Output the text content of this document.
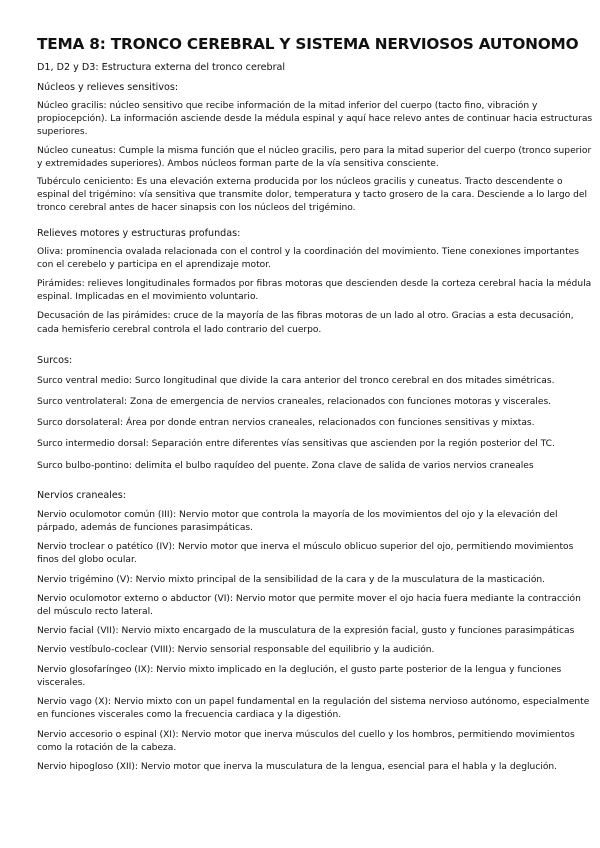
TEMA 8: TRONCO CEREBRAL Y SISTEMA NERVIOSOS AUTONOMO
D1, D2 y D3: Estructura externa del tronco cerebral
Núcleos y relieves sensitivos:
Núcleo gracilis: núcleo sensitivo que recibe información de la mitad inferior del cuerpo (tacto fino, vibración y propiocepción). La información asciende desde la médula espinal y aquí hace relevo antes de continuar hacia estructuras superiores.
Núcleo cuneatus: Cumple la misma función que el núcleo gracilis, pero para la mitad superior del cuerpo (tronco superior y extremidades superiores). Ambos núcleos forman parte de la vía sensitiva consciente.
Tubérculo ceniciento: Es una elevación externa producida por los núcleos gracilis y cuneatus. Tracto descendente o espinal del trigémino: vía sensitiva que transmite dolor, temperatura y tacto grosero de la cara. Desciende a lo largo del tronco cerebral antes de hacer sinapsis con los núcleos del trigémino.
Relieves motores y estructuras profundas:
Oliva: prominencia ovalada relacionada con el control y la coordinación del movimiento. Tiene conexiones importantes con el cerebelo y participa en el aprendizaje motor.
Pirámides: relieves longitudinales formados por fibras motoras que descienden desde la corteza cerebral hacia la médula espinal. Implicadas en el movimiento voluntario.
Decusación de las pirámides: cruce de la mayoría de las fibras motoras de un lado al otro. Gracias a esta decusación, cada hemisferio cerebral controla el lado contrario del cuerpo.
Surcos:
Surco ventral medio: Surco longitudinal que divide la cara anterior del tronco cerebral en dos mitades simétricas.
Surco ventrolateral: Zona de emergencia de nervios craneales, relacionados con funciones motoras y viscerales.
Surco dorsolateral: Área por donde entran nervios craneales, relacionados con funciones sensitivas y mixtas.
Surco intermedio dorsal: Separación entre diferentes vías sensitivas que ascienden por la región posterior del TC.
Surco bulbo-pontino: delimita el bulbo raquídeo del puente. Zona clave de salida de varios nervios craneales
Nervios craneales:
Nervio oculomotor común (III): Nervio motor que controla la mayoría de los movimientos del ojo y la elevación del párpado, además de funciones parasimpáticas.
Nervio troclear o patético (IV): Nervio motor que inerva el músculo oblicuo superior del ojo, permitiendo movimientos finos del globo ocular.
Nervio trigémino (V): Nervio mixto principal de la sensibilidad de la cara y de la musculatura de la masticación.
Nervio oculomotor externo o abductor (VI): Nervio motor que permite mover el ojo hacia fuera mediante la contracción del músculo recto lateral.
Nervio facial (VII): Nervio mixto encargado de la musculatura de la expresión facial, gusto y funciones parasimpáticas
Nervio vestíbulo-coclear (VIII): Nervio sensorial responsable del equilibrio y la audición.
Nervio glosofaríngeo (IX): Nervio mixto implicado en la deglución, el gusto parte posterior de la lengua y funciones viscerales.
Nervio vago (X): Nervio mixto con un papel fundamental en la regulación del sistema nervioso autónomo, especialmente en funciones viscerales como la frecuencia cardiaca y la digestión.
Nervio accesorio o espinal (XI): Nervio motor que inerva músculos del cuello y los hombros, permitiendo movimientos como la rotación de la cabeza.
Nervio hipogloso (XII): Nervio motor que inerva la musculatura de la lengua, esencial para el habla y la deglución.
